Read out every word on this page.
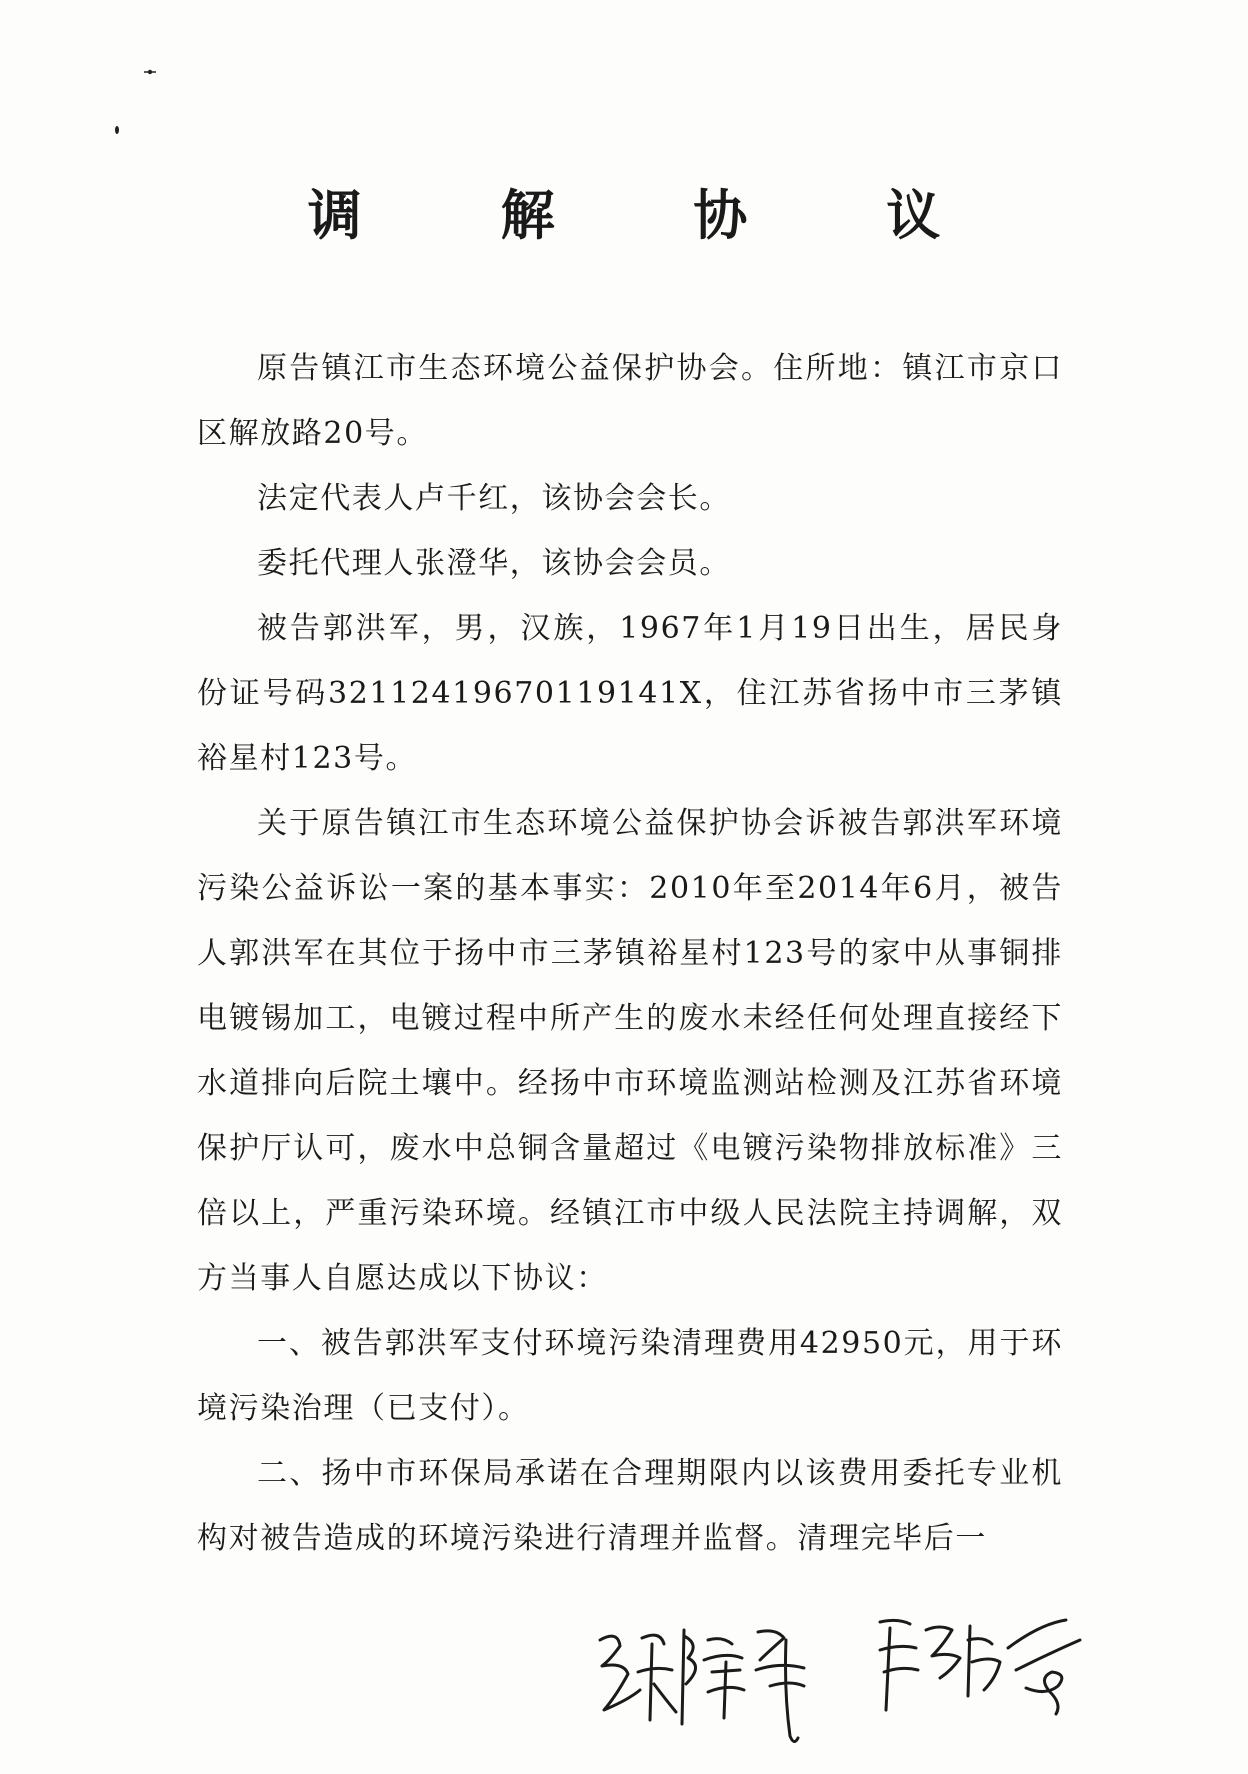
调 解 协 议

原告镇江市生态环境公益保护协会。住所地：镇江市京口区解放路20号。

法定代表人卢千红，该协会会长。

委托代理人张澄华，该协会会员。

被告郭洪军，男，汉族，1967年1月19日出生，居民身份证号码32112419670119141X，住江苏省扬中市三茅镇裕星村123号。

关于原告镇江市生态环境公益保护协会诉被告郭洪军环境污染公益诉讼一案的基本事实：2010年至2014年6月，被告人郭洪军在其位于扬中市三茅镇裕星村123号的家中从事铜排电镀锡加工，电镀过程中所产生的废水未经任何处理直接经下水道排向后院土壤中。经扬中市环境监测站检测及江苏省环境保护厅认可，废水中总铜含量超过《电镀污染物排放标准》三倍以上，严重污染环境。经镇江市中级人民法院主持调解，双方当事人自愿达成以下协议：

一、被告郭洪军支付环境污染清理费用42950元，用于环境污染治理（已支付）。

二、扬中市环保局承诺在合理期限内以该费用委托专业机构对被告造成的环境污染进行清理并监督。清理完毕后一
